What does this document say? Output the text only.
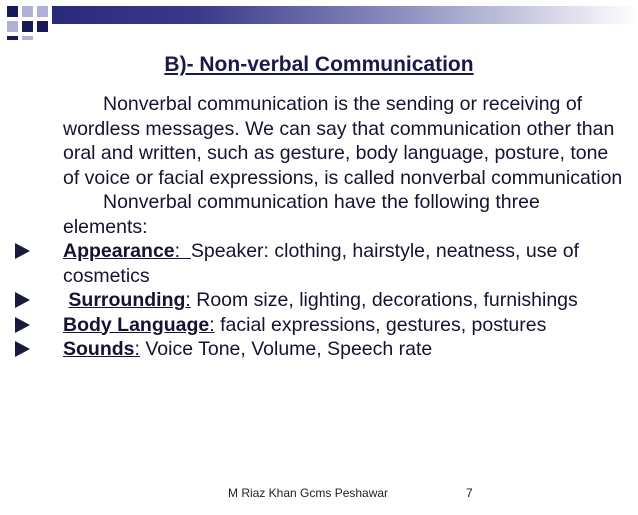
B)- Non-verbal Communication

Nonverbal communication is the sending or receiving of wordless messages. We can say that communication other than oral and written, such as gesture, body language, posture, tone of voice or facial expressions, is called nonverbal communication

Nonverbal communication have the following three elements:

Appearance: Speaker: clothing, hairstyle, neatness, use of cosmetics
Surrounding: Room size, lighting, decorations, furnishings
Body Language: facial expressions, gestures, postures
Sounds: Voice Tone, Volume, Speech rate
M Riaz Khan Gcms Peshawar	7
